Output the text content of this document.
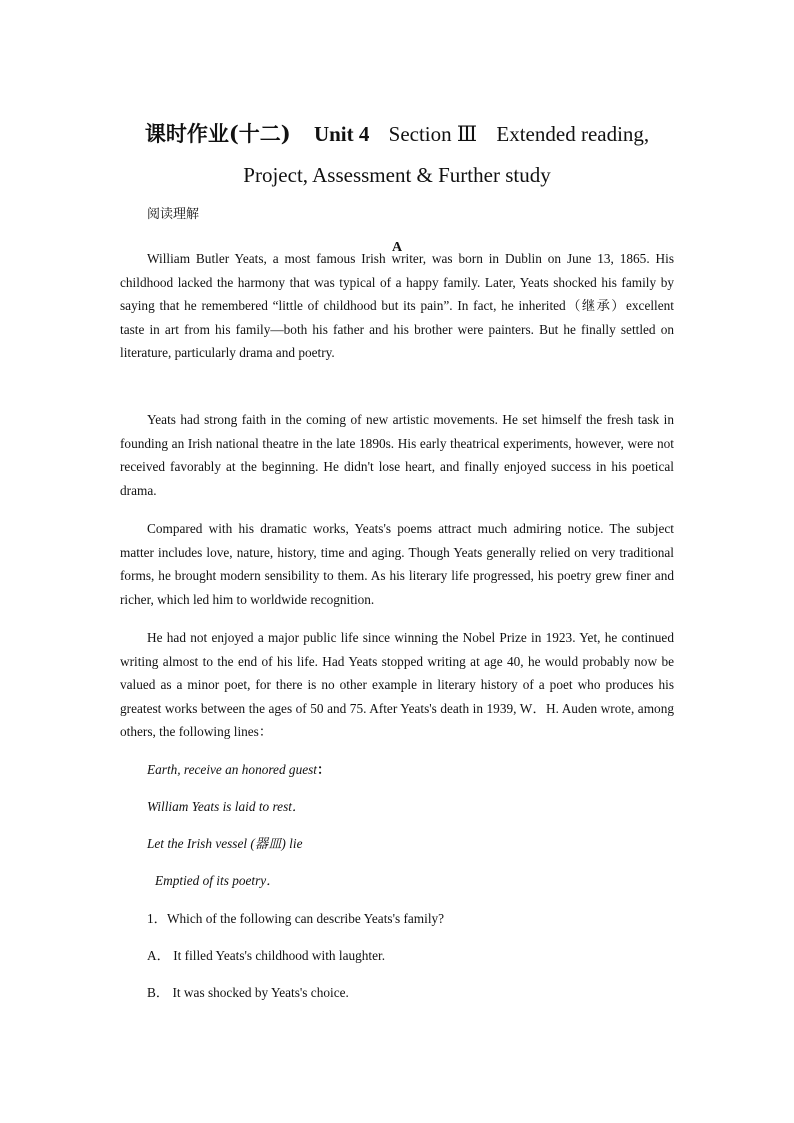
课时作业(十二) Unit 4 Section Ⅲ Extended reading,
Project, Assessment & Further study
阅读理解
A

William Butler Yeats, a most famous Irish writer, was born in Dublin on June 13, 1865. His childhood lacked the harmony that was typical of a happy family. Later, Yeats shocked his family by saying that he remembered “little of childhood but its pain”. In fact, he inherited（继承）excellent taste in art from his family—both his father and his brother were painters. But he finally settled on literature, particularly drama and poetry.

Yeats had strong faith in the coming of new artistic movements. He set himself the fresh task in founding an Irish national theatre in the late 1890s. His early theatrical experiments, however, were not received favorably at the beginning. He didn't lose heart, and finally enjoyed success in his poetical drama.

Compared with his dramatic works, Yeats's poems attract much admiring notice. The subject matter includes love, nature, history, time and aging. Though Yeats generally relied on very traditional forms, he brought modern sensibility to them. As his literary life progressed, his poetry grew finer and richer, which led him to worldwide recognition.

He had not enjoyed a major public life since winning the Nobel Prize in 1923. Yet, he continued writing almost to the end of his life. Had Yeats stopped writing at age 40, he would probably now be valued as a minor poet, for there is no other example in literary history of a poet who produces his greatest works between the ages of 50 and 75. After Yeats's death in 1939, W．H. Auden wrote, among others, the following lines：

Earth, receive an honored guest：
William Yeats is laid to rest．
Let the Irish vessel (器皿) lie
Emptied of its poetry．
1．Which of the following can describe Yeats's family?
A． It filled Yeats's childhood with laughter.
B． It was shocked by Yeats's choice.
